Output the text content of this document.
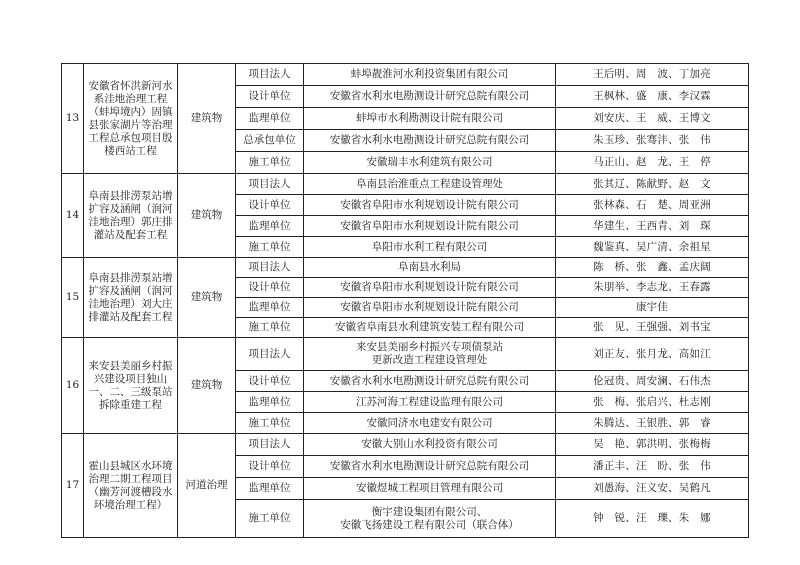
13	安徽省怀洪新河水系洼地治理工程（蚌埠境内）固镇县张家湖片等治理工程总承包项目殷楼西站工程	建筑物	项目法人	蚌埠靓淮河水利投资集团有限公司	王后明、周　波、丁加亮
			设计单位	安徽省水利水电勘测设计研究总院有限公司	王枫林、盛　康、李汉霖
			监理单位	蚌埠市水利勘测设计院有限公司	刘安庆、王　威、王博文
			总承包单位	安徽省水利水电勘测设计研究总院有限公司	朱玉珍、张骞沣、张　伟
			施工单位	安徽瑞丰水利建筑有限公司	马正山、赵　龙、王　停
14	阜南县排涝泵站增扩容及涵闸（润河洼地治理）郭庄排灌站及配套工程	建筑物	项目法人	阜南县治淮重点工程建设管理处	张其辽、陈献野、赵　文
			设计单位	安徽省阜阳市水利规划设计院有限公司	张林森、石　楚、周亚洲
			监理单位	安徽省阜阳市水利规划设计院有限公司	华建生、王西青、刘　琛
			施工单位	阜阳市水利工程有限公司	魏鉴真、吴广清、余祖星
15	阜南县排涝泵站增扩容及涵闸（润河洼地治理）刘大庄排灌站及配套工程	建筑物	项目法人	阜南县水利局	陈　桥、张　鑫、孟庆阔
			设计单位	安徽省阜阳市水利规划设计院有限公司	朱朋举、李志龙、王春露
			监理单位	安徽省阜阳市水利规划设计院有限公司	康宇佳
			施工单位	安徽省阜南县水利建筑安装工程有限公司	张　见、王强强、刘书宝
16	来安县美丽乡村振兴建设项目独山一、二、三级泵站拆除重建工程	建筑物	项目法人	来安县美丽乡村振兴专项债泵站
更新改造工程建设管理处	刘正友、张月龙、高如江
			设计单位	安徽省水利水电勘测设计研究总院有限公司	伦冠贵、周安澜、石伟杰
			监理单位	江苏河海工程建设监理有限公司	张　梅、张启兴、杜志刚
			施工单位	安徽同济水电建安有限公司	朱腾达、王银胜、郭　睿
17	霍山县城区水环境治理二期工程项目（幽芳河渡槽段水环境治理工程）	河道治理	项目法人	安徽大别山水利投资有限公司	吴　艳、郭洪明、张梅梅
			设计单位	安徽省水利水电勘测设计研究总院有限公司	潘正丰、汪　盼、张　伟
			监理单位	安徽煜城工程项目管理有限公司	刘愚海、汪义安、吴鹤凡
			施工单位	衡宇建设集团有限公司、
安徽飞扬建设工程有限公司（联合体）	钟　锐、汪　瓅、朱　娜
